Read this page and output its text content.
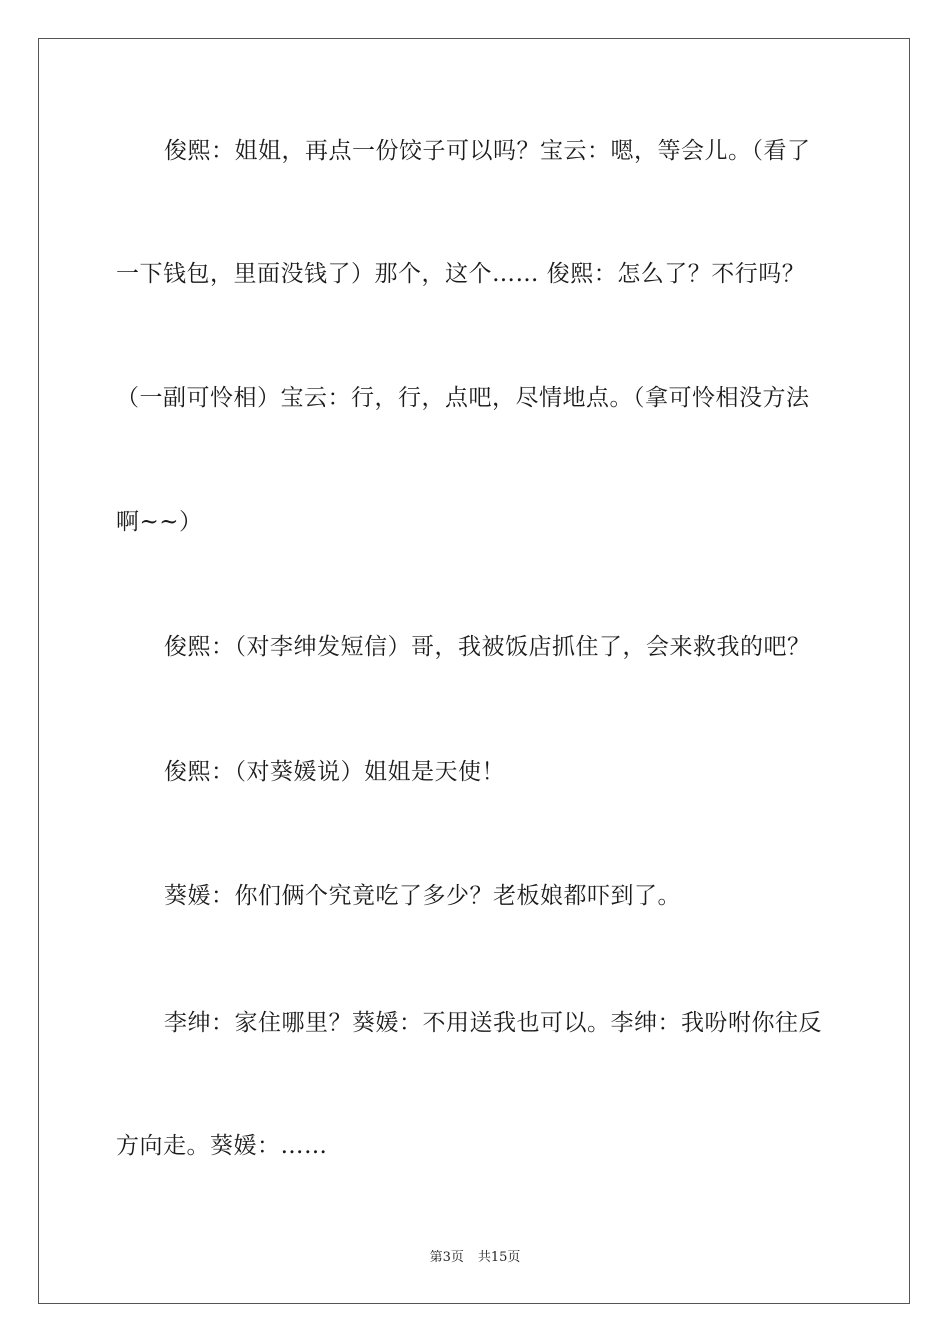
俊熙：姐姐，再点一份饺子可以吗？宝云：嗯，等会儿。（看了
一下钱包，里面没钱了）那个，这个…… 俊熙：怎么了？不行吗？
（一副可怜相）宝云：行，行，点吧，尽情地点。（拿可怜相没方法
啊~~）
俊熙：（对李绅发短信）哥，我被饭店抓住了，会来救我的吧？
俊熙：（对葵媛说）姐姐是天使！
葵媛：你们俩个究竟吃了多少？老板娘都吓到了。
李绅：家住哪里？葵媛：不用送我也可以。李绅：我吩咐你往反
方向走。葵媛：……
第3页 共15页
